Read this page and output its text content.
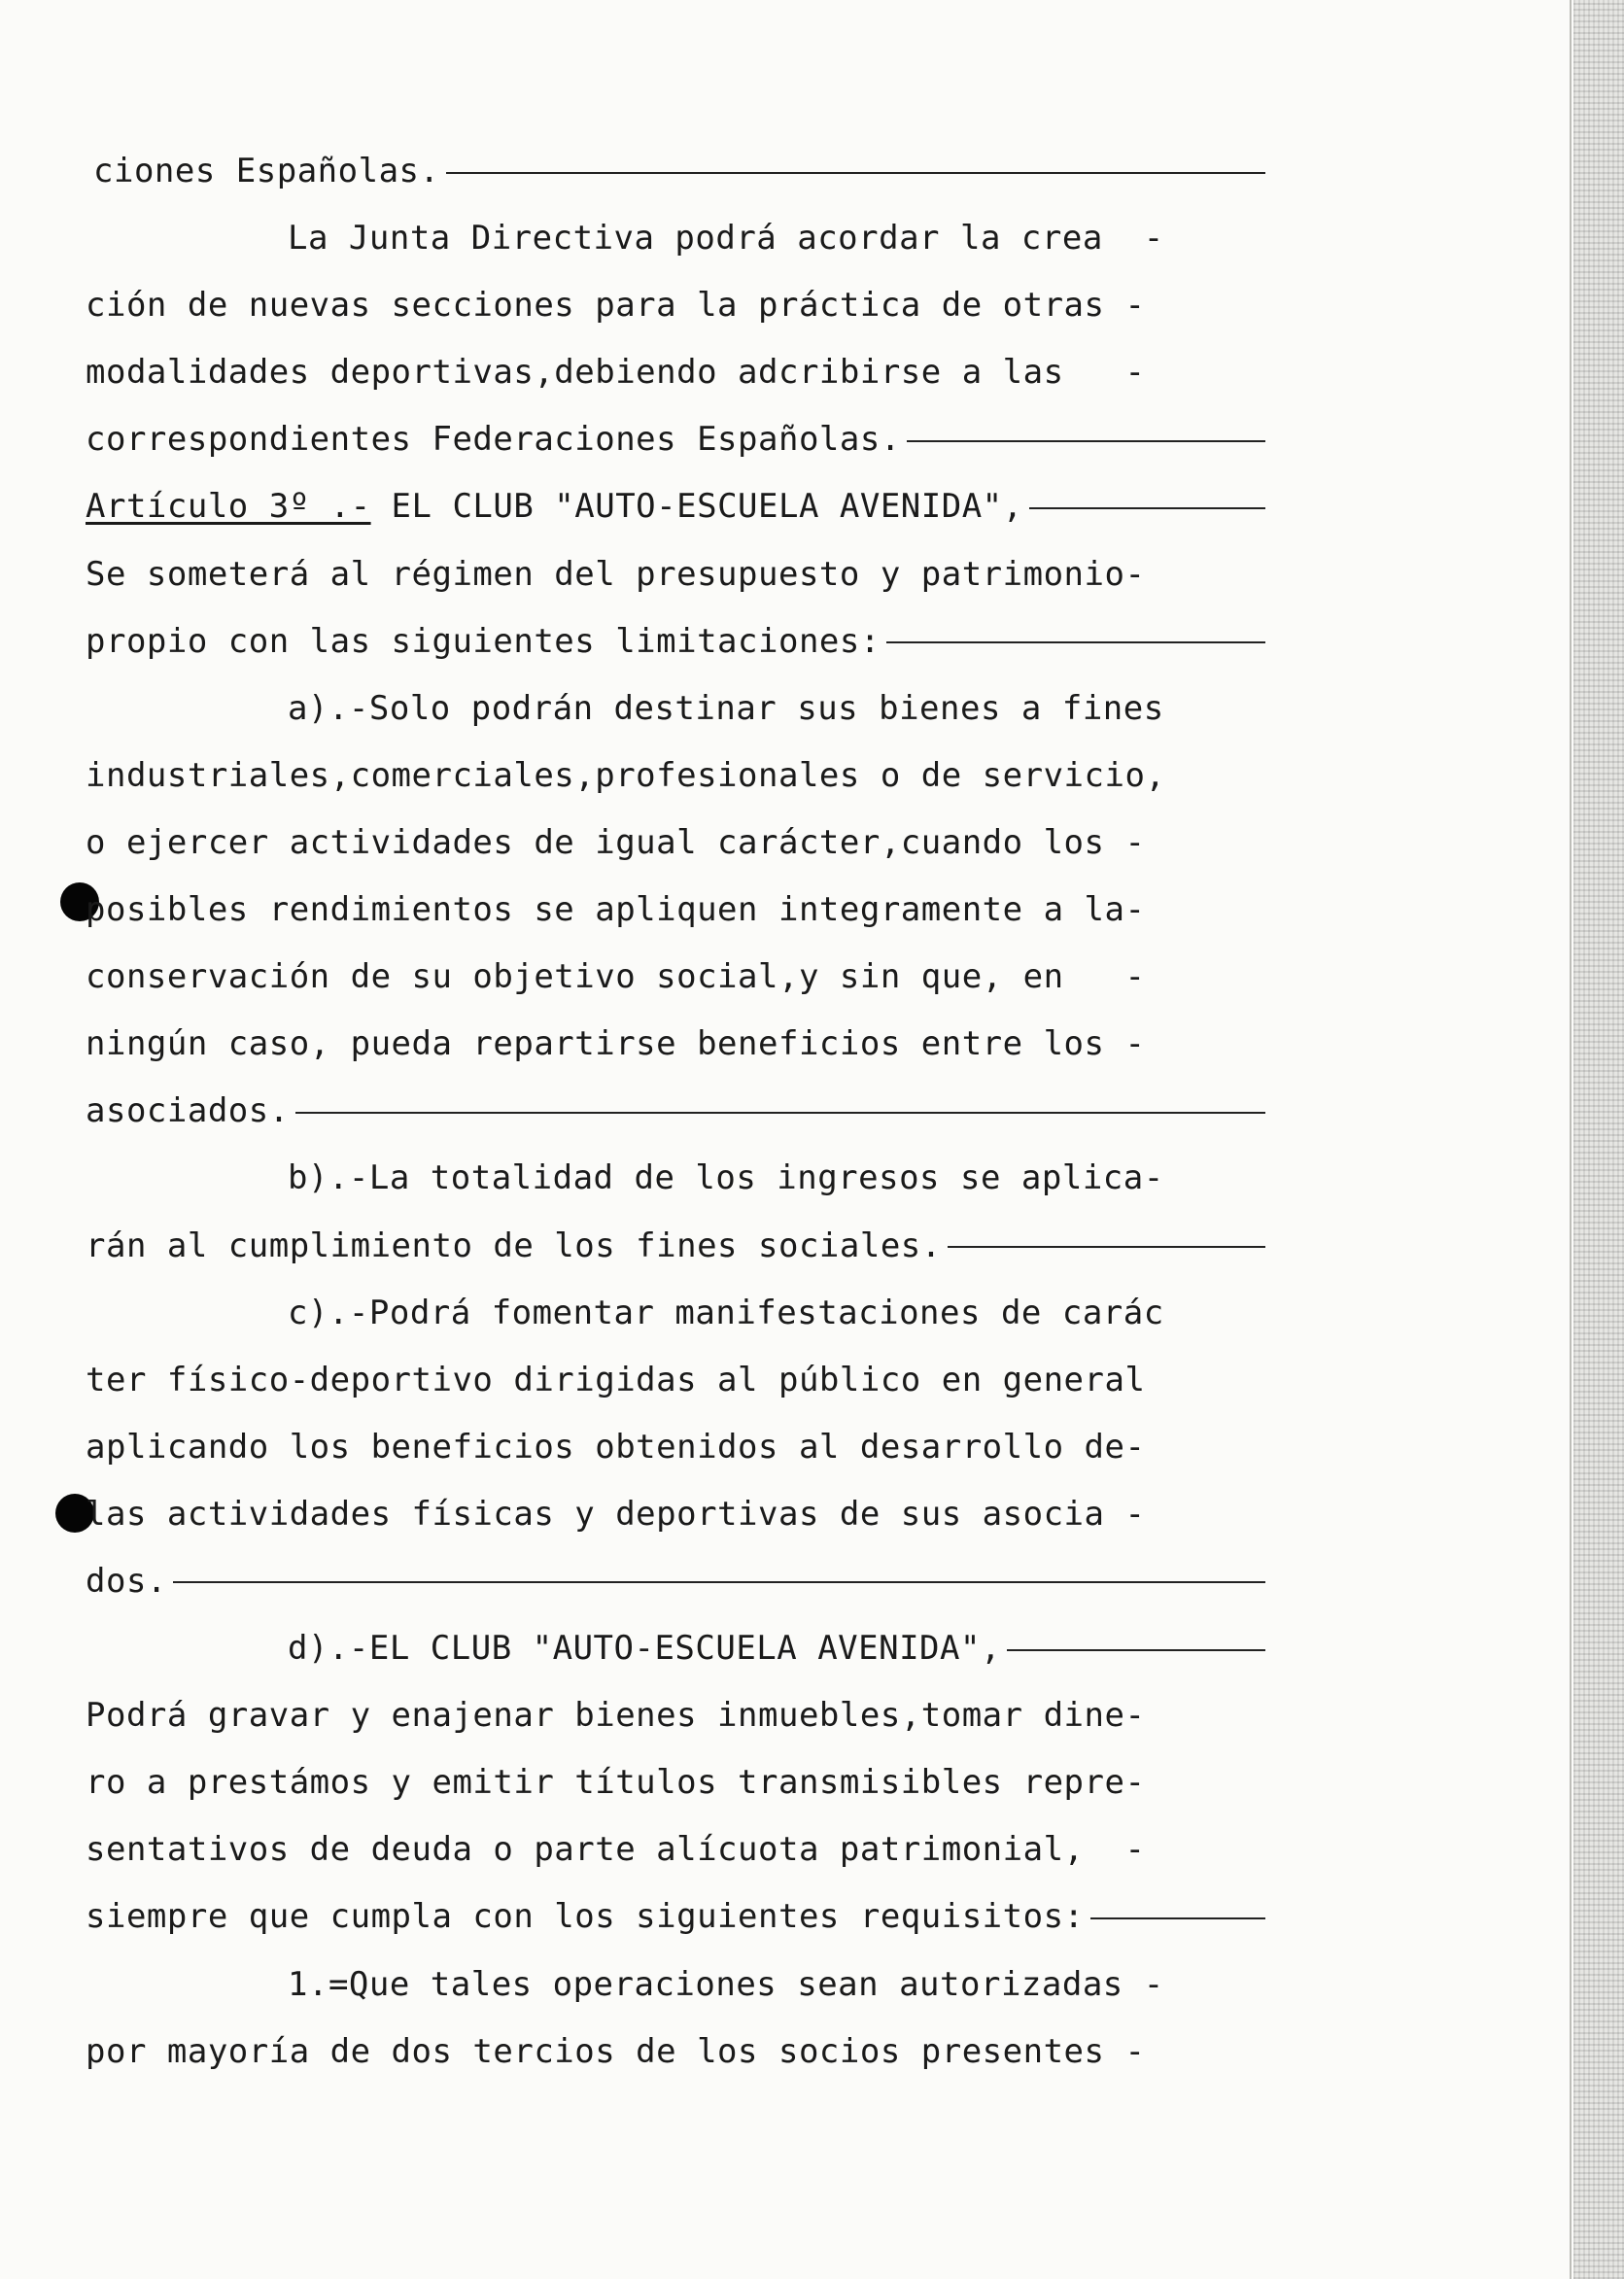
ciones Españolas.
La Junta Directiva podrá acordar la crea  -
ción de nuevas secciones para la práctica de otras -
modalidades deportivas,debiendo adcribirse a las   -
correspondientes Federaciones Españolas.
Artículo 3º .- EL CLUB "AUTO-ESCUELA AVENIDA",
Se someterá al régimen del presupuesto y patrimonio-
propio con las siguientes limitaciones:
a).-Solo podrán destinar sus bienes a fines
industriales,comerciales,profesionales o de servicio,
o ejercer actividades de igual carácter,cuando los -
posibles rendimientos se apliquen integramente a la-
conservación de su objetivo social,y sin que, en   -
ningún caso, pueda repartirse beneficios entre los -
asociados.
b).-La totalidad de los ingresos se aplica-
rán al cumplimiento de los fines sociales.
c).-Podrá fomentar manifestaciones de carác
ter físico-deportivo dirigidas al público en general
aplicando los beneficios obtenidos al desarrollo de-
las actividades físicas y deportivas de sus asocia -
dos.
d).-EL CLUB "AUTO-ESCUELA AVENIDA",
Podrá gravar y enajenar bienes inmuebles,tomar dine-
ro a prestámos y emitir títulos transmisibles repre-
sentativos de deuda o parte alícuota patrimonial,  -
siempre que cumpla con los siguientes requisitos:
1.=Que tales operaciones sean autorizadas -
por mayoría de dos tercios de los socios presentes -
